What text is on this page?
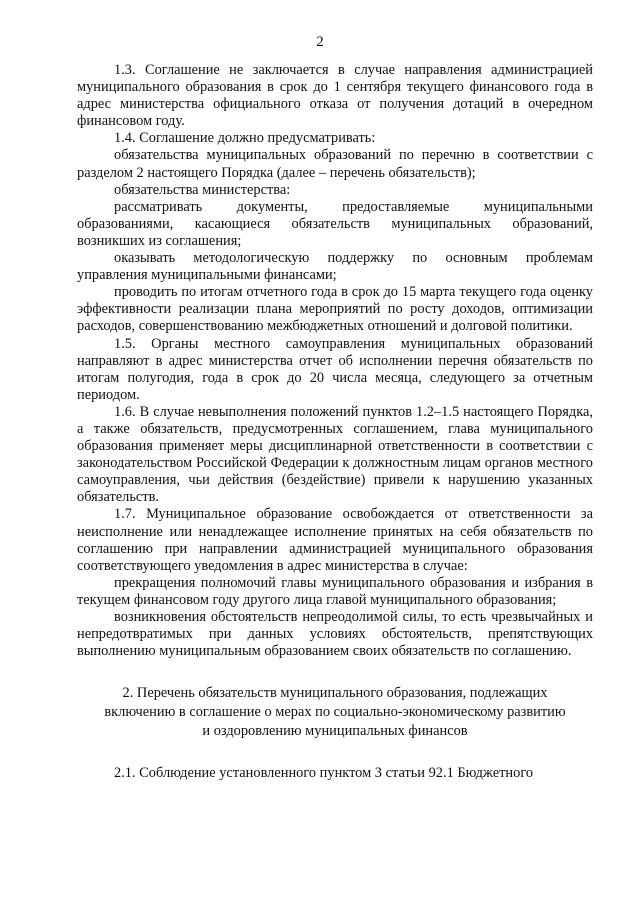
2

1.3. Соглашение не заключается в случае направления администрацией муниципального образования в срок до 1 сентября текущего финансового года в адрес министерства официального отказа от получения дотаций в очередном финансовом году.

1.4. Соглашение должно предусматривать:

обязательства муниципальных образований по перечню в соответствии с разделом 2 настоящего Порядка (далее – перечень обязательств);

обязательства министерства:

рассматривать документы, предоставляемые муниципальными образованиями, касающиеся обязательств муниципальных образований, возникших из соглашения;

оказывать методологическую поддержку по основным проблемам управления муниципальными финансами;

проводить по итогам отчетного года в срок до 15 марта текущего года оценку эффективности реализации плана мероприятий по росту доходов, оптимизации расходов, совершенствованию межбюджетных отношений и долговой политики.

1.5. Органы местного самоуправления муниципальных образований направляют в адрес министерства отчет об исполнении перечня обязательств по итогам полугодия, года в срок до 20 числа месяца, следующего за отчетным периодом.

1.6. В случае невыполнения положений пунктов 1.2–1.5 настоящего Порядка, а также обязательств, предусмотренных соглашением, глава муниципального образования применяет меры дисциплинарной ответственности в соответствии с законодательством Российской Федерации к должностным лицам органов местного самоуправления, чьи действия (бездействие) привели к нарушению указанных обязательств.

1.7. Муниципальное образование освобождается от ответственности за неисполнение или ненадлежащее исполнение принятых на себя обязательств по соглашению при направлении администрацией муниципального образования соответствующего уведомления в адрес министерства в случае:

прекращения полномочий главы муниципального образования и избрания в текущем финансовом году другого лица главой муниципального образования;

возникновения обстоятельств непреодолимой силы, то есть чрезвычайных и непредотвратимых при данных условиях обстоятельств, препятствующих выполнению муниципальным образованием своих обязательств по соглашению.

2. Перечень обязательств муниципального образования, подлежащих
включению в соглашение о мерах по социально-экономическому развитию
и оздоровлению муниципальных финансов

2.1. Соблюдение установленного пунктом 3 статьи 92.1 Бюджетного
